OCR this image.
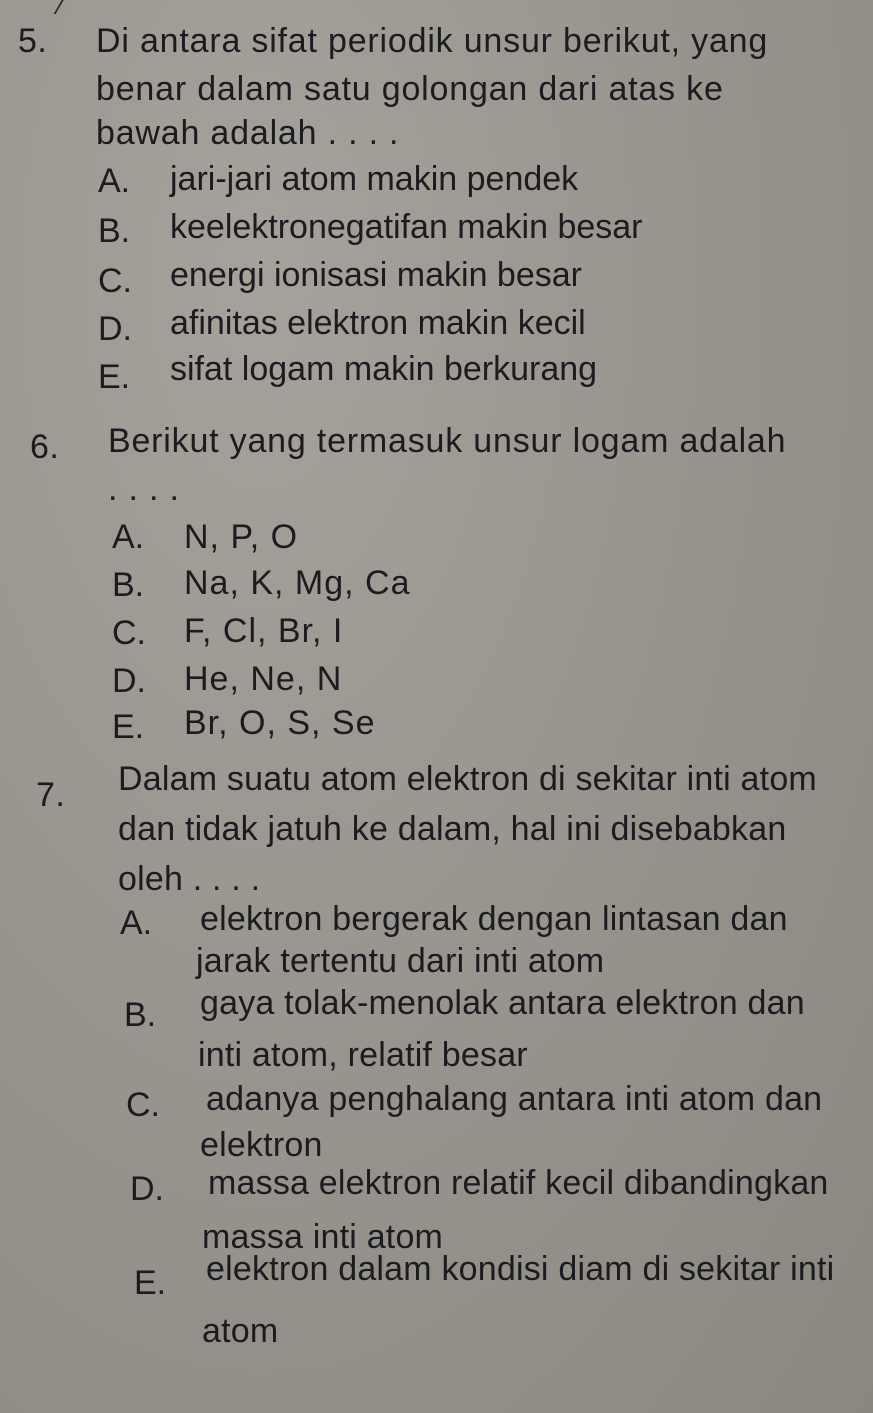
5. Di antara sifat periodik unsur berikut, yang
benar dalam satu golongan dari atas ke
bawah adalah . . . .
A. jari-jari atom makin pendek
B. keelektronegatifan makin besar
C. energi ionisasi makin besar
D. afinitas elektron makin kecil
E. sifat logam makin berkurang
6. Berikut yang termasuk unsur logam adalah
. . . .
A. N, P, O
B. Na, K, Mg, Ca
C. F, Cl, Br, I
D. He, Ne, N
E. Br, O, S, Se
7. Dalam suatu atom elektron di sekitar inti atom
dan tidak jatuh ke dalam, hal ini disebabkan
oleh . . . .
A. elektron bergerak dengan lintasan dan
jarak tertentu dari inti atom
B. gaya tolak-menolak antara elektron dan
inti atom, relatif besar
C. adanya penghalang antara inti atom dan
elektron
D. massa elektron relatif kecil dibandingkan
massa inti atom
E. elektron dalam kondisi diam di sekitar inti
atom
